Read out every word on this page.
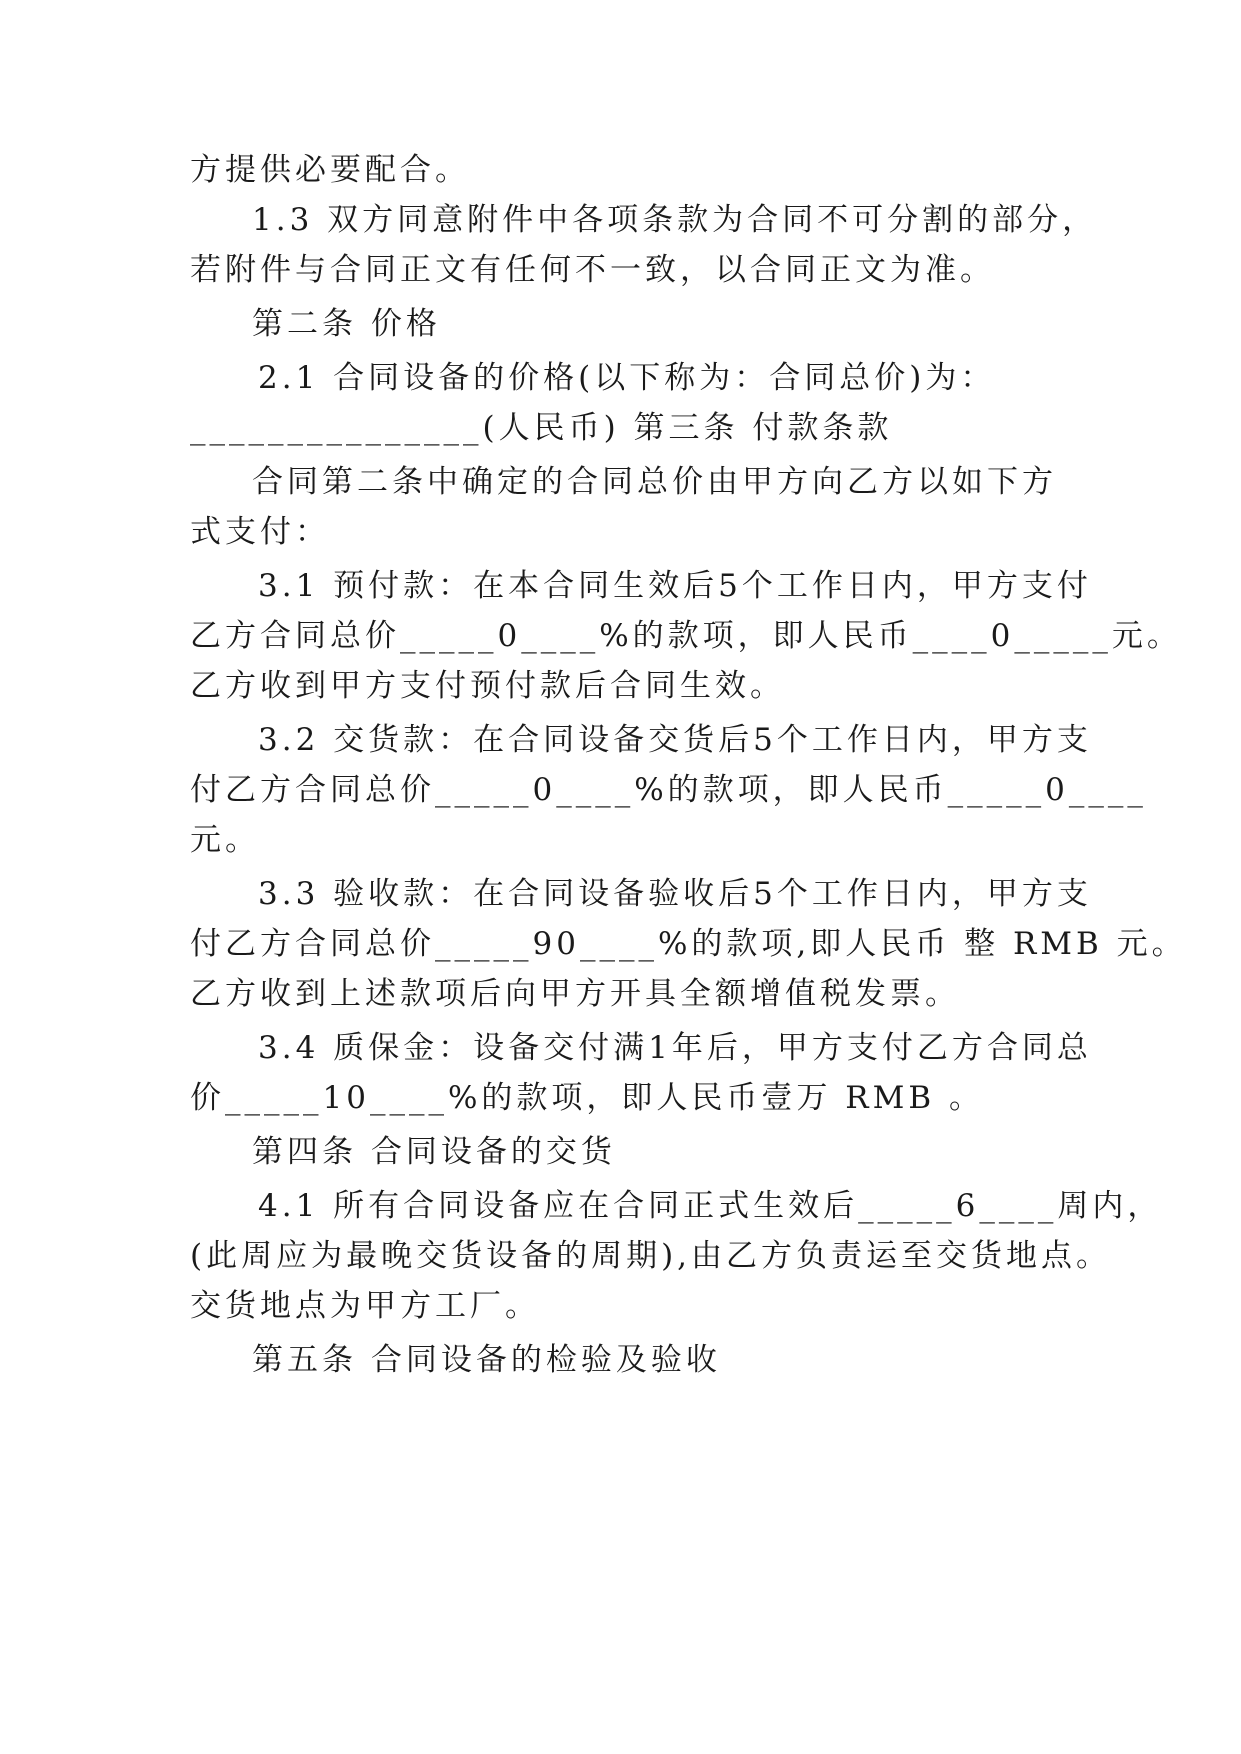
方提供必要配合。
1.3 双方同意附件中各项条款为合同不可分割的部分，
若附件与合同正文有任何不一致，以合同正文为准。
第二条 价格
2.1 合同设备的价格(以下称为：合同总价)为：
_______________(人民币) 第三条 付款条款
合同第二条中确定的合同总价由甲方向乙方以如下方
式支付：
3.1 预付款：在本合同生效后5个工作日内，甲方支付
乙方合同总价_____0____%的款项，即人民币____0_____元。
乙方收到甲方支付预付款后合同生效。
3.2 交货款：在合同设备交货后5个工作日内，甲方支
付乙方合同总价_____0____%的款项，即人民币_____0____
元。
3.3 验收款：在合同设备验收后5个工作日内，甲方支
付乙方合同总价_____90____%的款项,即人民币 整 RMB 元。
乙方收到上述款项后向甲方开具全额增值税发票。
3.4 质保金：设备交付满1年后，甲方支付乙方合同总
价_____10____%的款项，即人民币壹万 RMB 。
第四条 合同设备的交货
4.1 所有合同设备应在合同正式生效后_____6____周内，
(此周应为最晚交货设备的周期),由乙方负责运至交货地点。
交货地点为甲方工厂。
第五条 合同设备的检验及验收
